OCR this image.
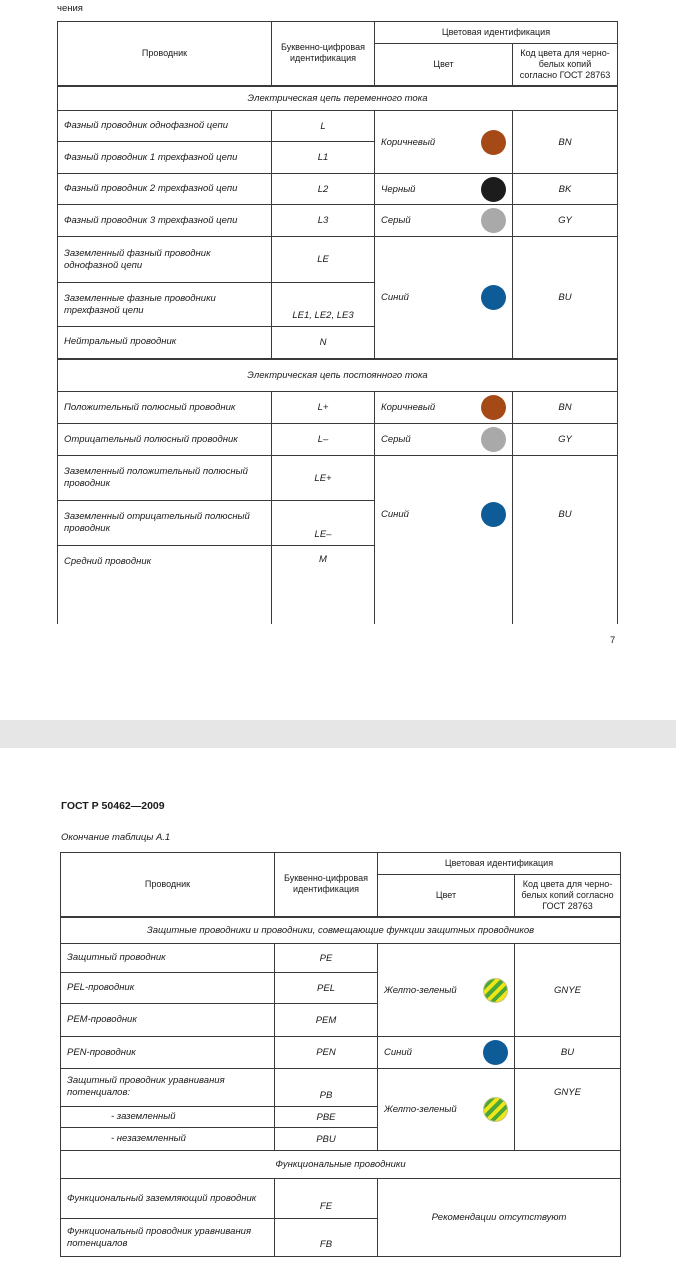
чения
Проводник	Буквенно-цифровая идентификация	Цветовая идентификация	
		Цвет	Код цвета для черно-белых копий согласно ГОСТ 28763
Электрическая цепь переменного тока			
Фазный проводник однофазной цепи	L	Коричневый	BN
Фазный проводник 1 трехфазной цепи	L1		
Фазный проводник 2 трехфазной цепи	L2	Черный	BK
Фазный проводник 3 трехфазной цепи	L3	Серый	GY
Заземленный фазный проводник однофазной цепи	LE	Синий	BU
Заземленные фазные проводники трехфазной цепи	LE1, LE2, LE3		
Нейтральный проводник	N		
Электрическая цепь постоянного тока			
Положительный полюсный проводник	L+	Коричневый	BN
Отрицательный полюсный проводник	L–	Серый	GY
Заземленный положительный полюсный проводник	LE+	Синий	BU
Заземленный отрицательный полюсный проводник	LE–		
Средний проводник	M		
7
ГОСТ Р 50462—2009
Окончание таблицы А.1
Проводник	Буквенно-цифровая идентификация	Цветовая идентификация	
		Цвет	Код цвета для черно-белых копий согласно ГОСТ 28763
Защитные проводники и проводники, совмещающие функции защитных проводников			
Защитный проводник	PE	Желто-зеленый	GNYE
PEL-проводник	PEL		
PEM-проводник	PEM		
PEN-проводник	PEN	Синий	BU
Защитный проводник уравнивания потенциалов:	PB	Желто-зеленый	GNYE
- заземленный	PBE		
- незаземленный	PBU		
Функциональные проводники			
Функциональный заземляющий проводник	FE	Рекомендации отсутствуют	
Функциональный проводник уравнивания потенциалов	FB		
